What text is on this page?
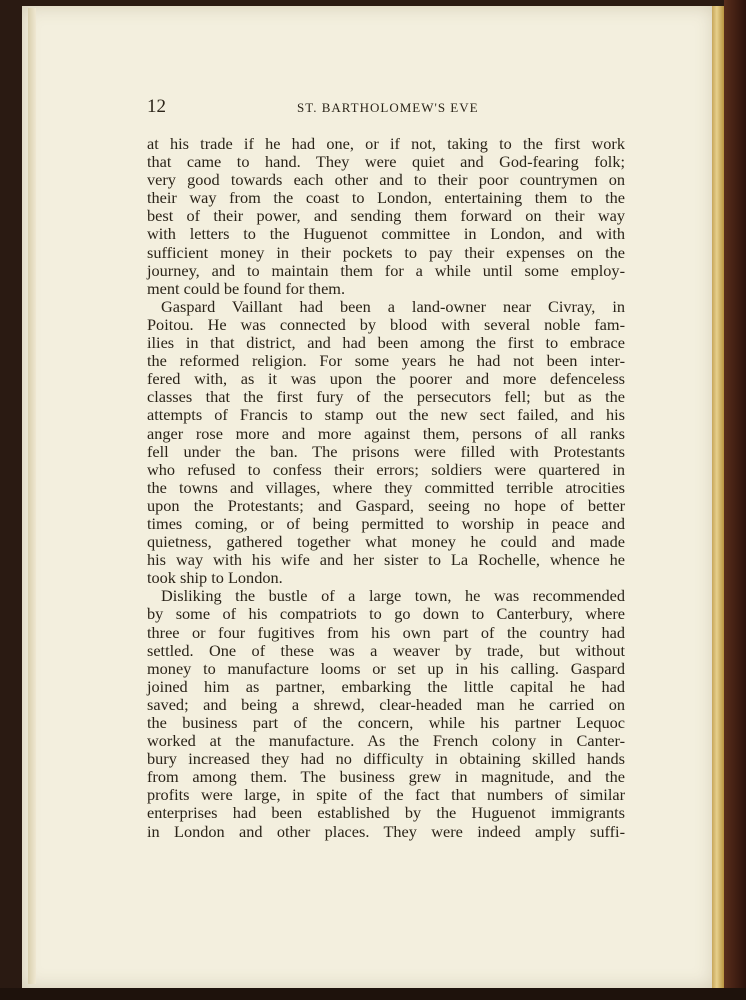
12	ST. BARTHOLOMEW'S EVE
at his trade if he had one, or if not, taking to the first work
that came to hand. They were quiet and God-fearing folk;
very good towards each other and to their poor countrymen on
their way from the coast to London, entertaining them to the
best of their power, and sending them forward on their way
with letters to the Huguenot committee in London, and with
sufficient money in their pockets to pay their expenses on the
journey, and to maintain them for a while until some employ-
ment could be found for them.
Gaspard Vaillant had been a land-owner near Civray, in
Poitou. He was connected by blood with several noble fam-
ilies in that district, and had been among the first to embrace
the reformed religion. For some years he had not been inter-
fered with, as it was upon the poorer and more defenceless
classes that the first fury of the persecutors fell; but as the
attempts of Francis to stamp out the new sect failed, and his
anger rose more and more against them, persons of all ranks
fell under the ban. The prisons were filled with Protestants
who refused to confess their errors; soldiers were quartered in
the towns and villages, where they committed terrible atrocities
upon the Protestants; and Gaspard, seeing no hope of better
times coming, or of being permitted to worship in peace and
quietness, gathered together what money he could and made
his way with his wife and her sister to La Rochelle, whence he
took ship to London.
Disliking the bustle of a large town, he was recommended
by some of his compatriots to go down to Canterbury, where
three or four fugitives from his own part of the country had
settled. One of these was a weaver by trade, but without
money to manufacture looms or set up in his calling. Gaspard
joined him as partner, embarking the little capital he had
saved; and being a shrewd, clear-headed man he carried on
the business part of the concern, while his partner Lequoc
worked at the manufacture. As the French colony in Canter-
bury increased they had no difficulty in obtaining skilled hands
from among them. The business grew in magnitude, and the
profits were large, in spite of the fact that numbers of similar
enterprises had been established by the Huguenot immigrants
in London and other places. They were indeed amply suffi-
